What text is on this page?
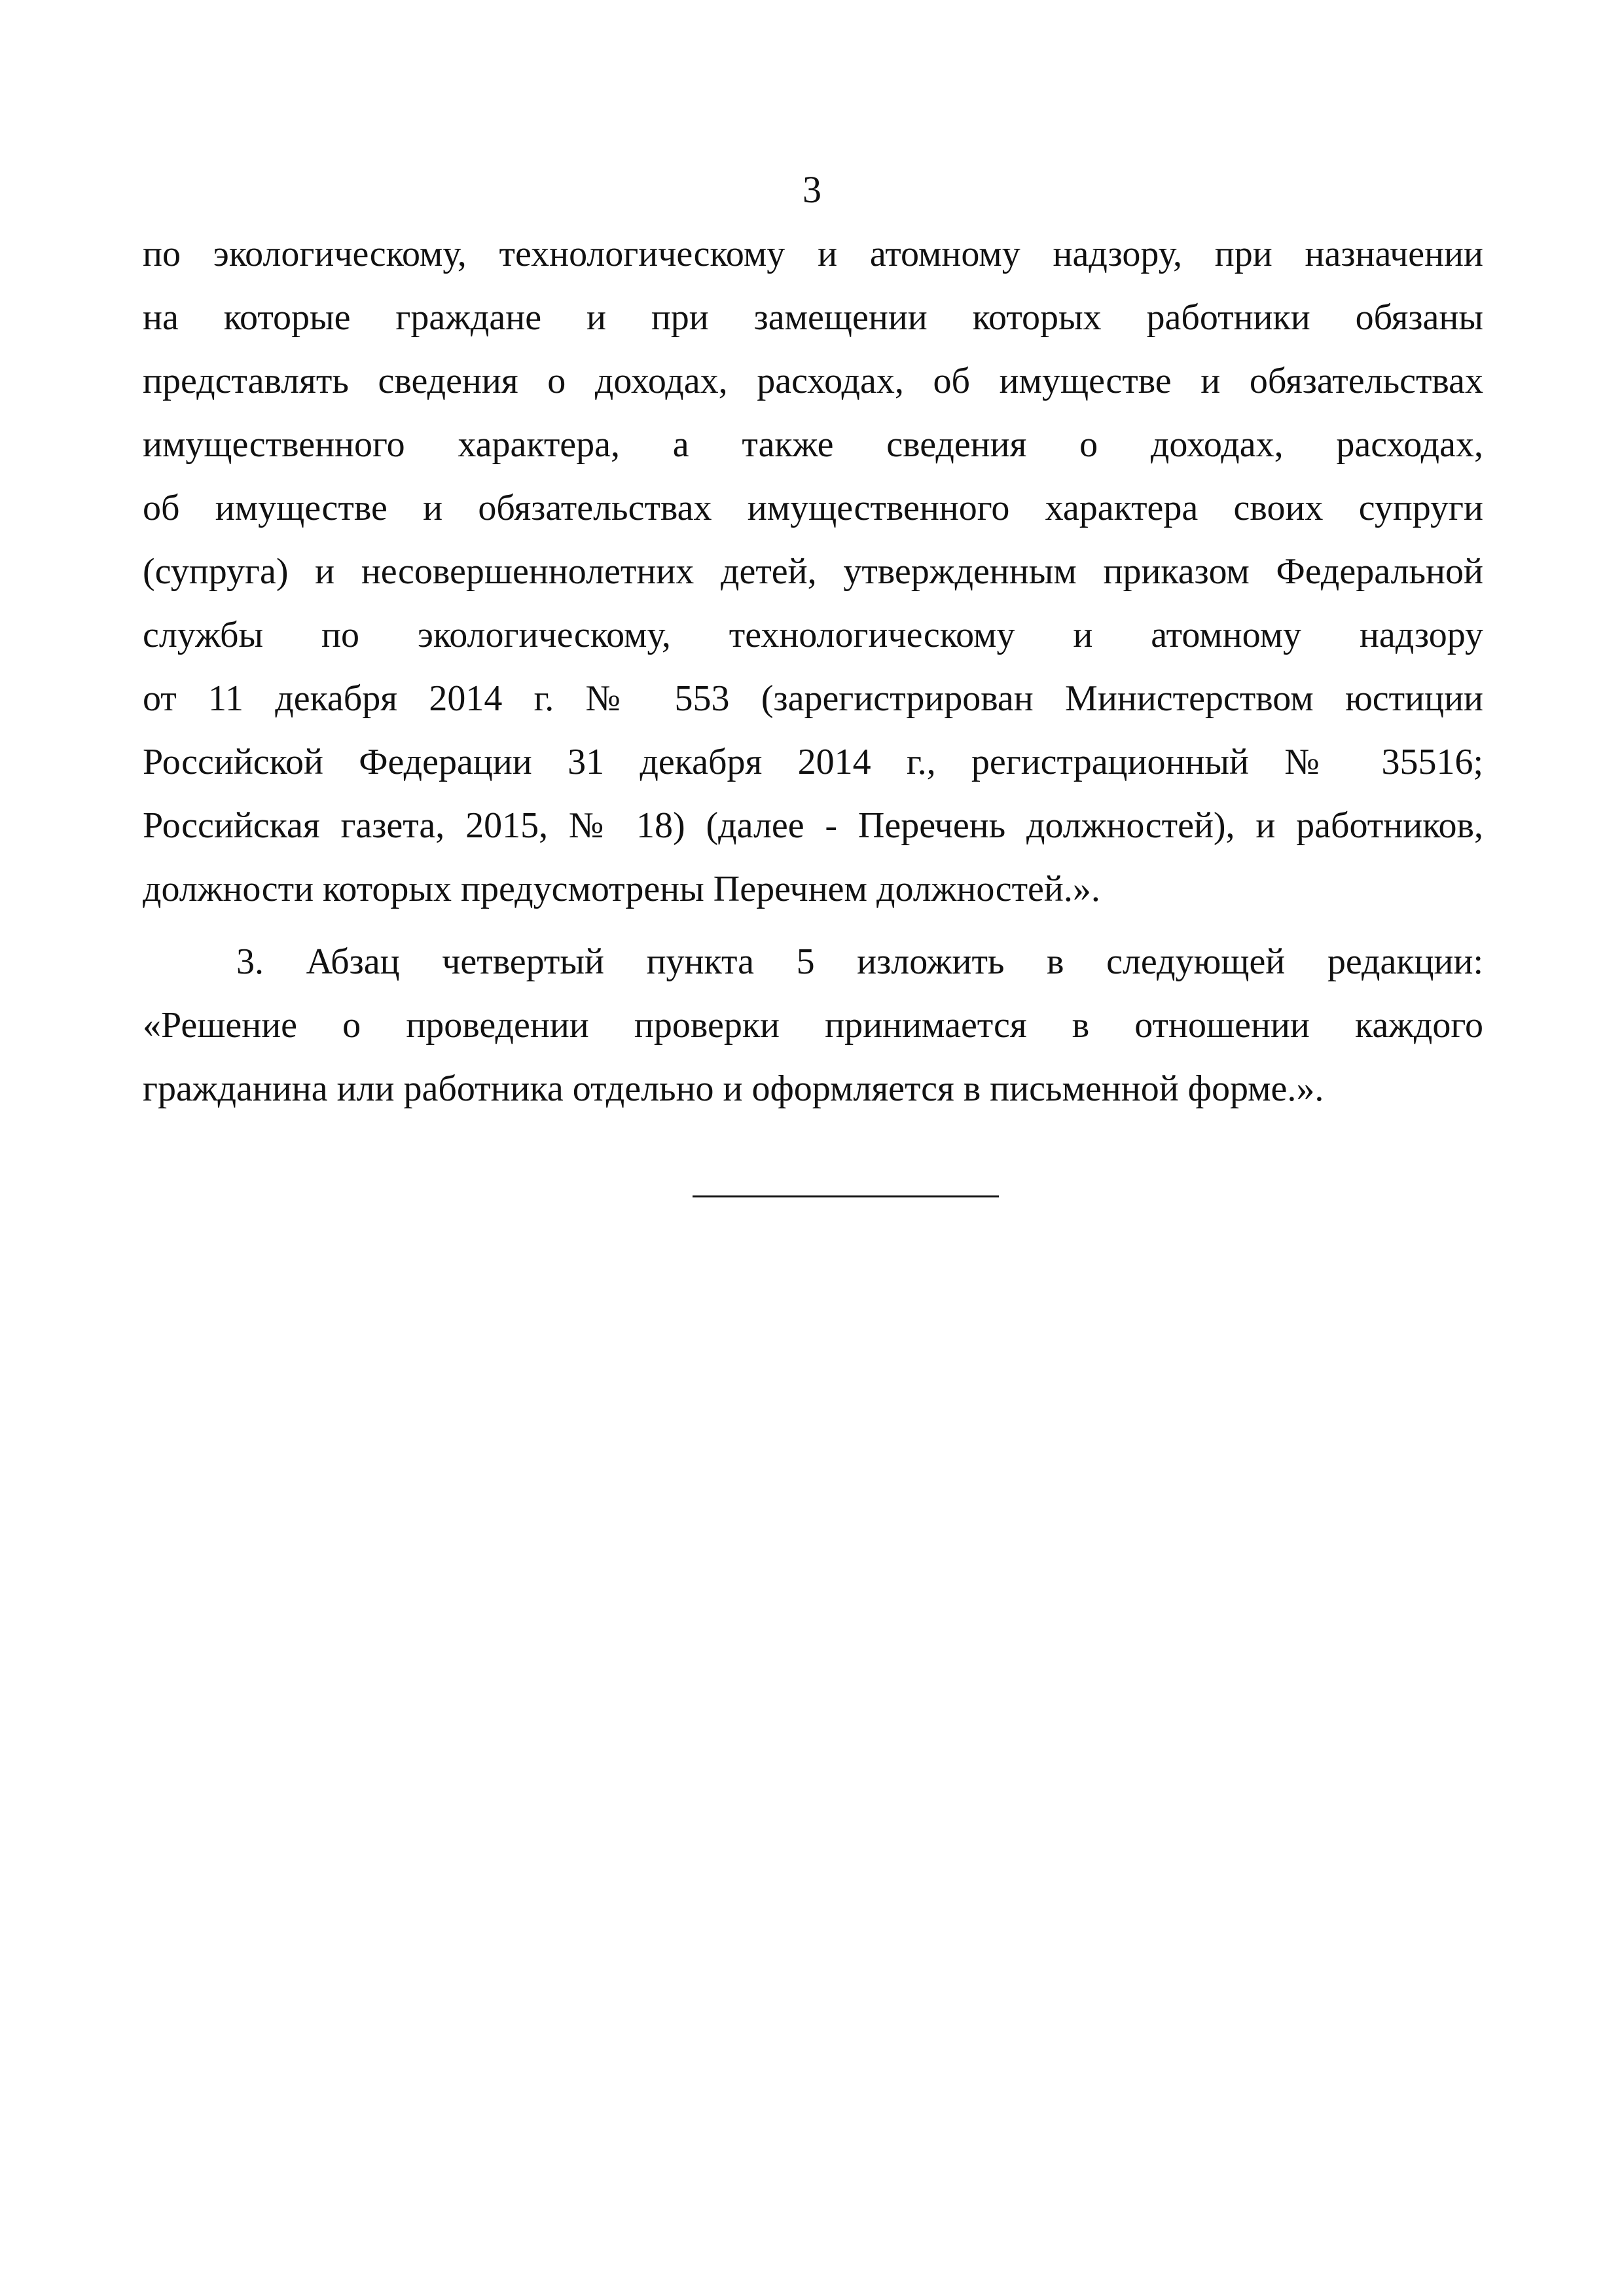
3
по экологическому, технологическому и атомному надзору, при назначении
на которые граждане и при замещении которых работники обязаны
представлять сведения о доходах, расходах, об имуществе и обязательствах
имущественного характера, а также сведения о доходах, расходах,
об имуществе и обязательствах имущественного характера своих супруги
(супруга) и несовершеннолетних детей, утвержденным приказом Федеральной
службы по экологическому, технологическому и атомному надзору
от 11 декабря 2014 г. № 553 (зарегистрирован Министерством юстиции
Российской Федерации 31 декабря 2014 г., регистрационный № 35516;
Российская газета, 2015, № 18) (далее - Перечень должностей), и работников,
должности которых предусмотрены Перечнем должностей.».
3. Абзац четвертый пункта 5 изложить в следующей редакции:
«Решение о проведении проверки принимается в отношении каждого
гражданина или работника отдельно и оформляется в письменной форме.».
